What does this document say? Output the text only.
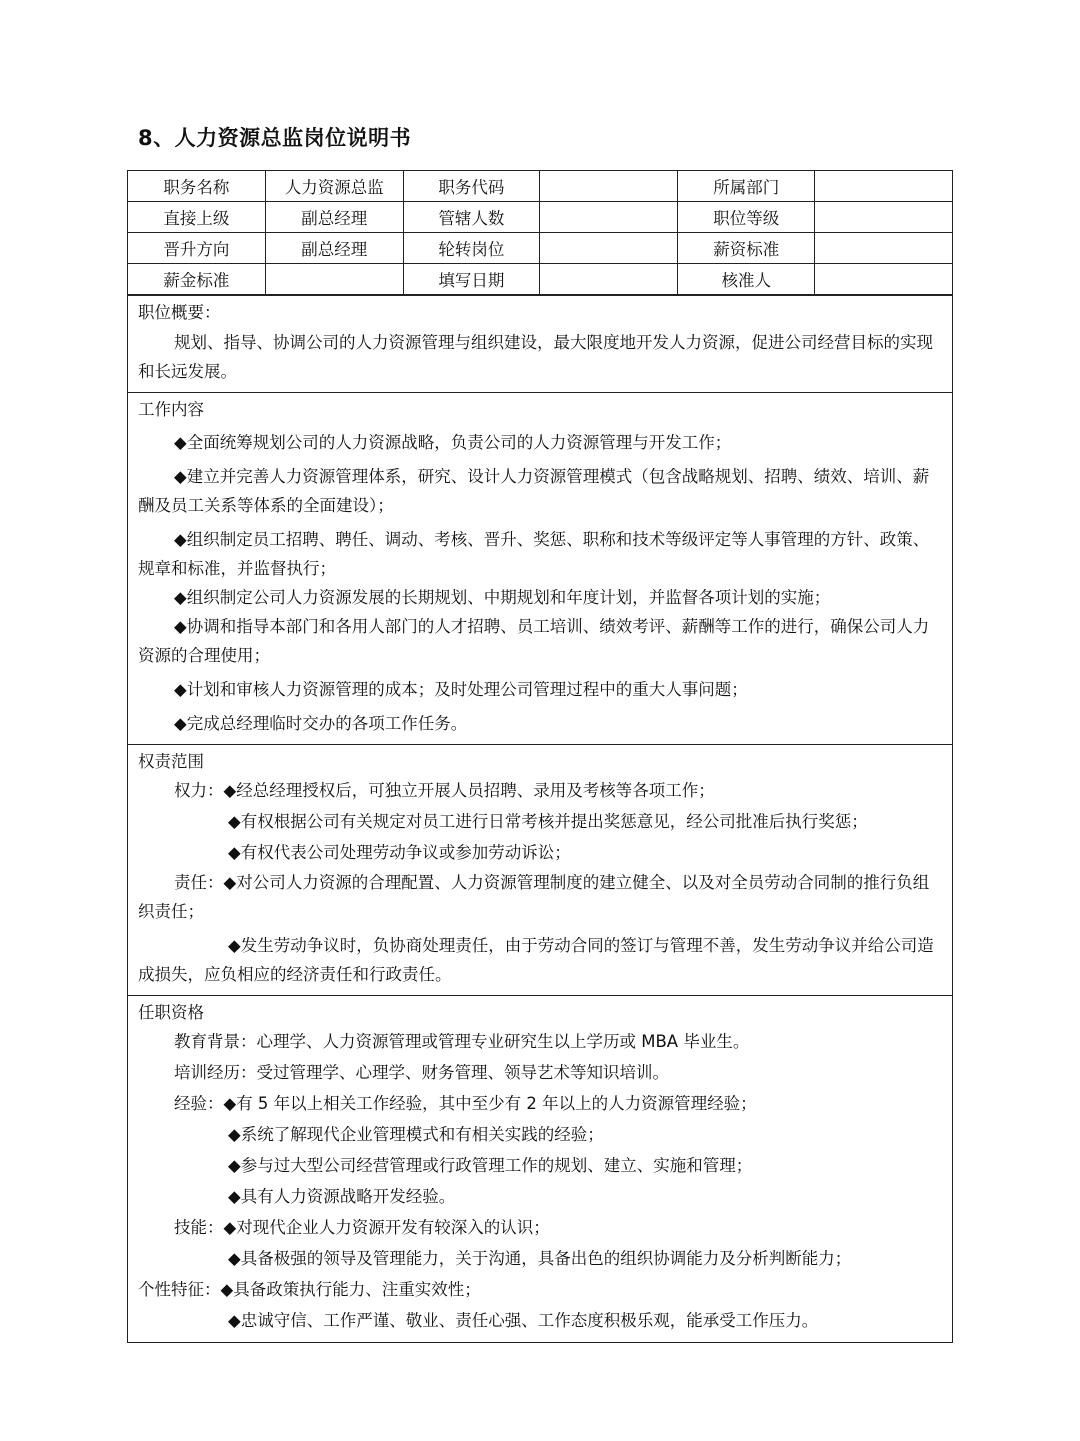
8、人力资源总监岗位说明书
职务名称	人力资源总监	职务代码		所属部门	
直接上级	副总经理	管辖人数		职位等级	
晋升方向	副总经理	轮转岗位		薪资标准	
薪金标准		填写日期		核准人	
职位概要：
规划、指导、协调公司的人力资源管理与组织建设，最大限度地开发人力资源，促进公司经营目标的实现和长远发展。
工作内容
◆全面统筹规划公司的人力资源战略，负责公司的人力资源管理与开发工作；
◆建立并完善人力资源管理体系，研究、设计人力资源管理模式（包含战略规划、招聘、绩效、培训、薪酬及员工关系等体系的全面建设）；
◆组织制定员工招聘、聘任、调动、考核、晋升、奖惩、职称和技术等级评定等人事管理的方针、政策、规章和标准，并监督执行；
◆组织制定公司人力资源发展的长期规划、中期规划和年度计划，并监督各项计划的实施；
◆协调和指导本部门和各用人部门的人才招聘、员工培训、绩效考评、薪酬等工作的进行，确保公司人力资源的合理使用；
◆计划和审核人力资源管理的成本；及时处理公司管理过程中的重大人事问题；
◆完成总经理临时交办的各项工作任务。
权责范围
权力：◆经总经理授权后，可独立开展人员招聘、录用及考核等各项工作；
◆有权根据公司有关规定对员工进行日常考核并提出奖惩意见，经公司批准后执行奖惩；
◆有权代表公司处理劳动争议或参加劳动诉讼；
责任：◆对公司人力资源的合理配置、人力资源管理制度的建立健全、以及对全员劳动合同制的推行负组织责任；
◆发生劳动争议时，负协商处理责任，由于劳动合同的签订与管理不善，发生劳动争议并给公司造成损失，应负相应的经济责任和行政责任。
任职资格
教育背景：心理学、人力资源管理或管理专业研究生以上学历或 MBA 毕业生。
培训经历：受过管理学、心理学、财务管理、领导艺术等知识培训。
经验：◆有 5 年以上相关工作经验，其中至少有 2 年以上的人力资源管理经验；
◆系统了解现代企业管理模式和有相关实践的经验；
◆参与过大型公司经营管理或行政管理工作的规划、建立、实施和管理；
◆具有人力资源战略开发经验。
技能：◆对现代企业人力资源开发有较深入的认识；
◆具备极强的领导及管理能力，关于沟通，具备出色的组织协调能力及分析判断能力；
个性特征：◆具备政策执行能力、注重实效性；
◆忠诚守信、工作严谨、敬业、责任心强、工作态度积极乐观，能承受工作压力。
